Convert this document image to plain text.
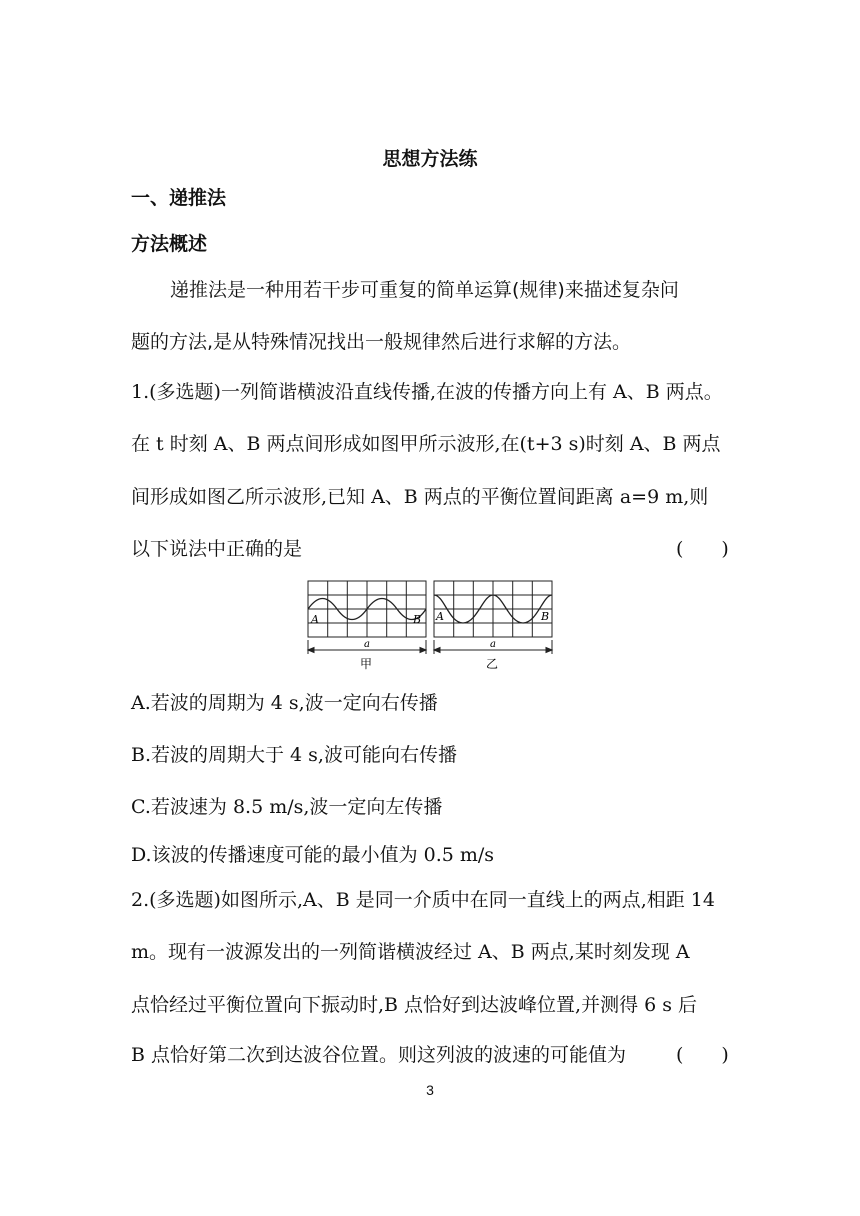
思想方法练
一、递推法
方法概述
递推法是一种用若干步可重复的简单运算(规律)来描述复杂问
题的方法,是从特殊情况找出一般规律然后进行求解的方法。
1.(多选题)一列简谐横波沿直线传播,在波的传播方向上有 A、B 两点。
在 t 时刻 A、B 两点间形成如图甲所示波形,在(t+3 s)时刻 A、B 两点
间形成如图乙所示波形,已知 A、B 两点的平衡位置间距离 a=9 m,则
以下说法中正确的是	(　　)
A	B
a
甲
A	B
a
乙
A.若波的周期为 4 s,波一定向右传播
B.若波的周期大于 4 s,波可能向右传播
C.若波速为 8.5 m/s,波一定向左传播
D.该波的传播速度可能的最小值为 0.5 m/s
2.(多选题)如图所示,A、B 是同一介质中在同一直线上的两点,相距 14
m。现有一波源发出的一列简谐横波经过 A、B 两点,某时刻发现 A
点恰经过平衡位置向下振动时,B 点恰好到达波峰位置,并测得 6 s 后
B 点恰好第二次到达波谷位置。则这列波的波速的可能值为	(　　)
3
